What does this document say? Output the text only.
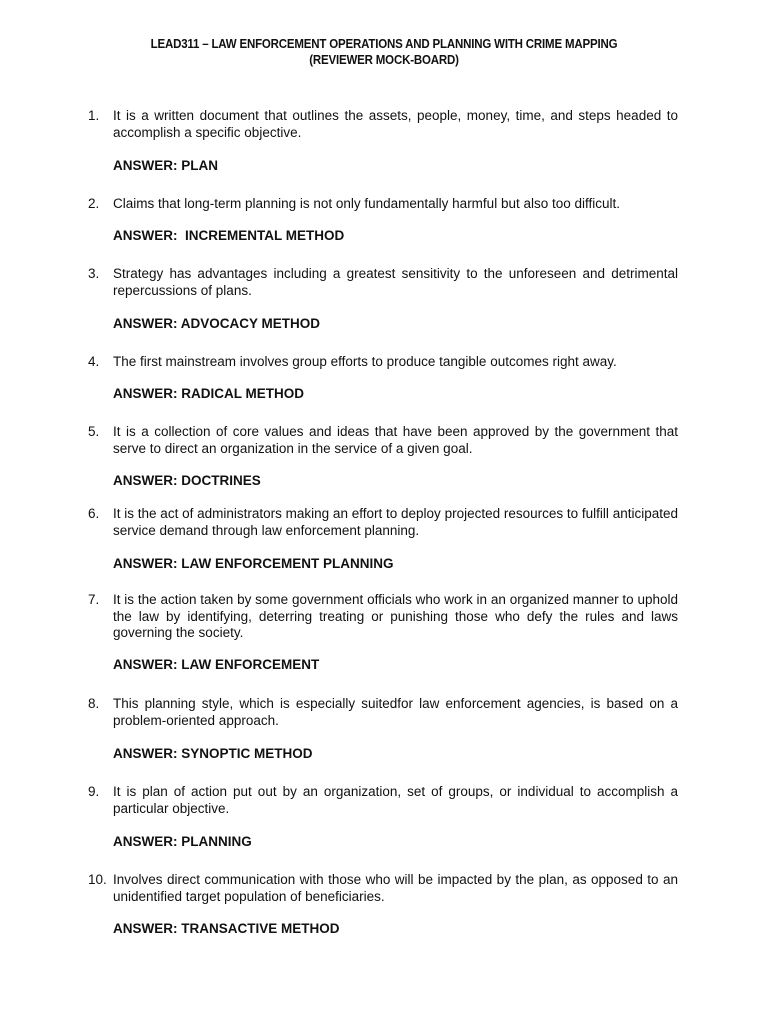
LEAD311 – LAW ENFORCEMENT OPERATIONS AND PLANNING WITH CRIME MAPPING
(REVIEWER MOCK-BOARD)
1.	It is a written document that outlines the assets, people, money, time, and steps headed to accomplish a specific objective.
ANSWER: PLAN
2.	Claims that long-term planning is not only fundamentally harmful but also too difficult.
ANSWER:  INCREMENTAL METHOD
3.	Strategy has advantages including a greatest sensitivity to the unforeseen and detrimental repercussions of plans.
ANSWER: ADVOCACY METHOD
4.	The first mainstream involves group efforts to produce tangible outcomes right away.
ANSWER: RADICAL METHOD
5.	It is a collection of core values and ideas that have been approved by the government that serve to direct an organization in the service of a given goal.
ANSWER: DOCTRINES
6.	It is the act of administrators making an effort to deploy projected resources to fulfill anticipated service demand through law enforcement planning.
ANSWER: LAW ENFORCEMENT PLANNING
7.	It is the action taken by some government officials who work in an organized manner to uphold the law by identifying, deterring treating or punishing those who defy the rules and laws governing the society.
ANSWER: LAW ENFORCEMENT
8.	This planning style, which is especially suitedfor law enforcement agencies, is based on a problem-oriented approach.
ANSWER: SYNOPTIC METHOD
9.	It is plan of action put out by an organization, set of groups, or individual to accomplish a particular objective.
ANSWER: PLANNING
10. Involves direct communication with those who will be impacted by the plan, as opposed to an unidentified target population of beneficiaries.
ANSWER: TRANSACTIVE METHOD
